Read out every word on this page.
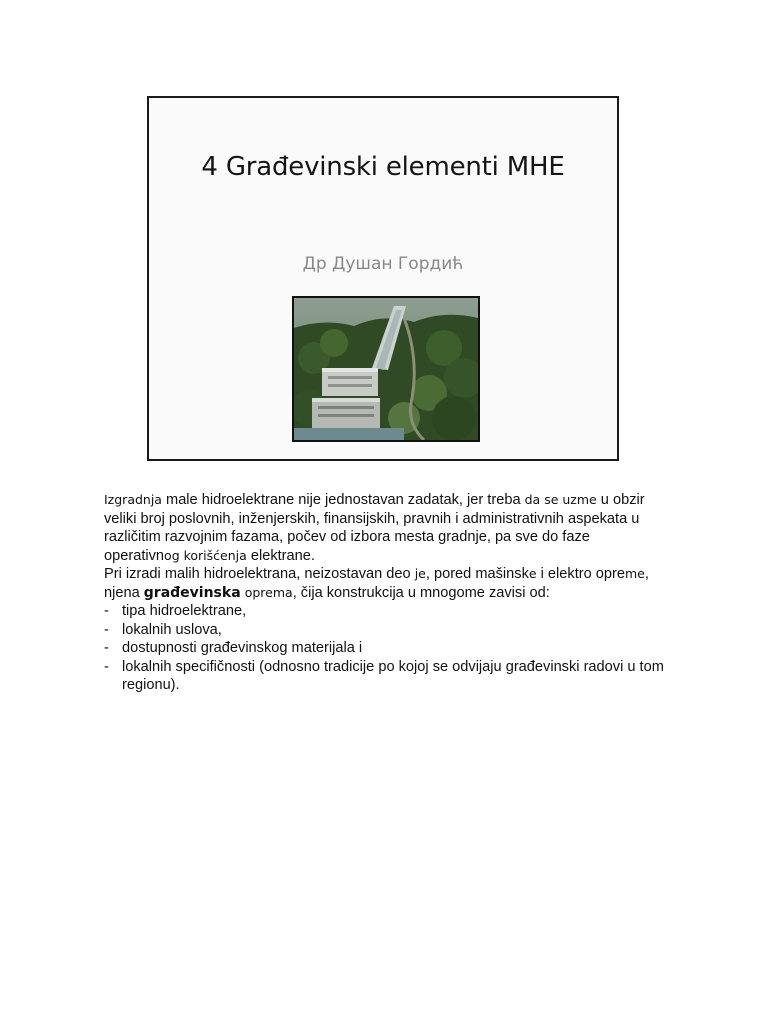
4 Građevinski elementi MHE
Др Душан Гордић

Izgradnja male hidroelektrane nije jednostavan zadatak, jer treba da se uzme u obzir veliki broj poslovnih, inženjerskih, finansijskih, pravnih i administrativnih aspekata u različitim razvojnim fazama, počev od izbora mesta gradnje, pa sve do faze operativnog korišćenja elektrane.

Pri izradi malih hidroelektrana, neizostavan deo je, pored mašinske i elektro opreme, njena građevinska oprema, čija konstrukcija u mnogome zavisi od:

- tipa hidroelektrane,
- lokalnih uslova,
- dostupnosti građevinskog materijala i
- lokalnih specifičnosti (odnosno tradicije po kojoj se odvijaju građevinski radovi u tom regionu).
